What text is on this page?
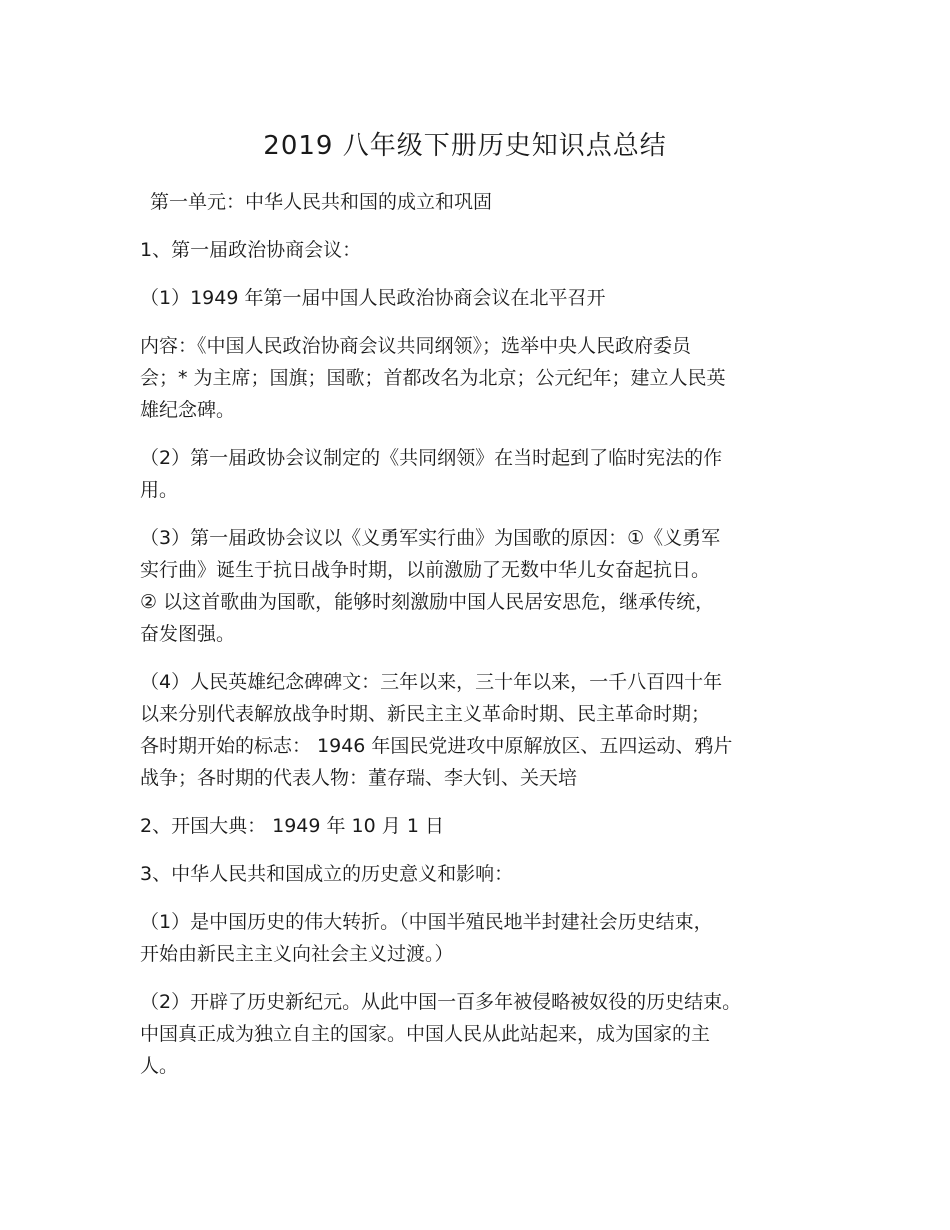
2019 八年级下册历史知识点总结
第一单元：中华人民共和国的成立和巩固
1、第一届政治协商会议：
（1）1949 年第一届中国人民政治协商会议在北平召开
内容：《中国人民政治协商会议共同纲领》；选举中央人民政府委员
会；* 为主席；国旗；国歌；首都改名为北京；公元纪年；建立人民英
雄纪念碑。
（2）第一届政协会议制定的《共同纲领》在当时起到了临时宪法的作
用。
（3）第一届政协会议以《义勇军实行曲》为国歌的原因：①《义勇军
实行曲》诞生于抗日战争时期，以前激励了无数中华儿女奋起抗日。
② 以这首歌曲为国歌，能够时刻激励中国人民居安思危，继承传统，
奋发图强。
（4）人民英雄纪念碑碑文：三年以来，三十年以来，一千八百四十年
以来分别代表解放战争时期、新民主主义革命时期、民主革命时期；
各时期开始的标志： 1946 年国民党进攻中原解放区、五四运动、鸦片
战争；各时期的代表人物：董存瑞、李大钊、关天培
2、开国大典： 1949 年 10 月 1 日
3、中华人民共和国成立的历史意义和影响：
（1）是中国历史的伟大转折。（中国半殖民地半封建社会历史结束，
开始由新民主主义向社会主义过渡。）
（2）开辟了历史新纪元。从此中国一百多年被侵略被奴役的历史结束。
中国真正成为独立自主的国家。中国人民从此站起来，成为国家的主
人。
